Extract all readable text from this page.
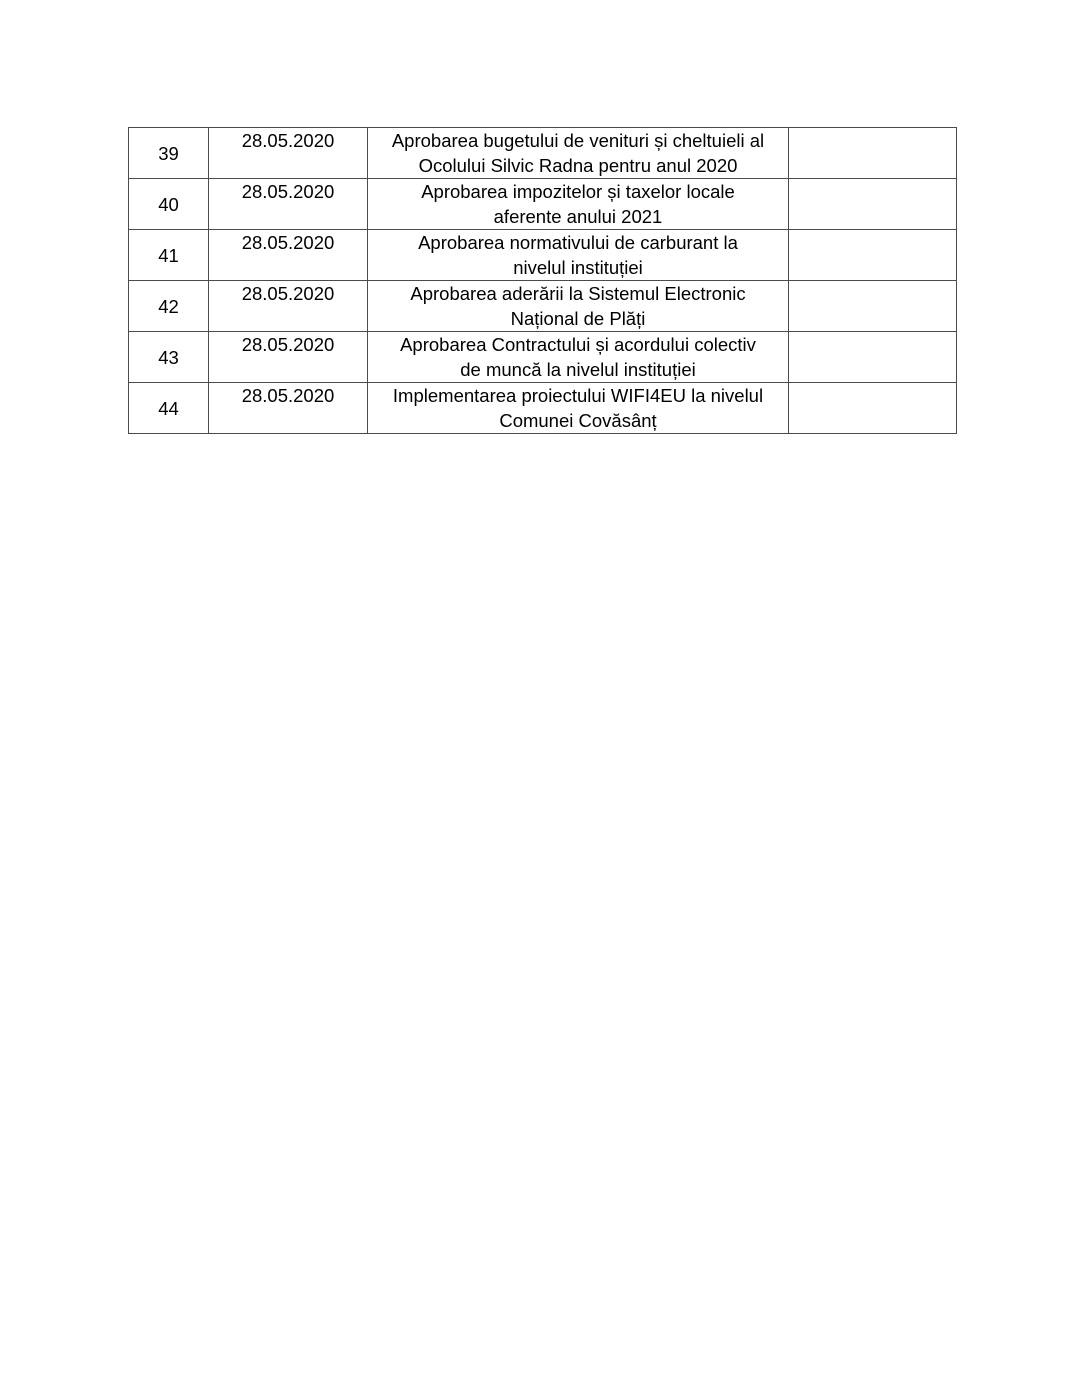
39	28.05.2020	Aprobarea bugetului de venituri și cheltuieli al
Ocolului Silvic Radna pentru anul 2020	

40	28.05.2020	Aprobarea impozitelor și taxelor locale
aferente anului 2021	

41	28.05.2020	Aprobarea normativului de carburant la
nivelul instituției	

42	28.05.2020	Aprobarea aderării la Sistemul Electronic
Național de Plăți	

43	28.05.2020	Aprobarea Contractului și acordului colectiv
de muncă la nivelul instituției	

44	28.05.2020	Implementarea proiectului WIFI4EU la nivelul
Comunei Covăsânț	
